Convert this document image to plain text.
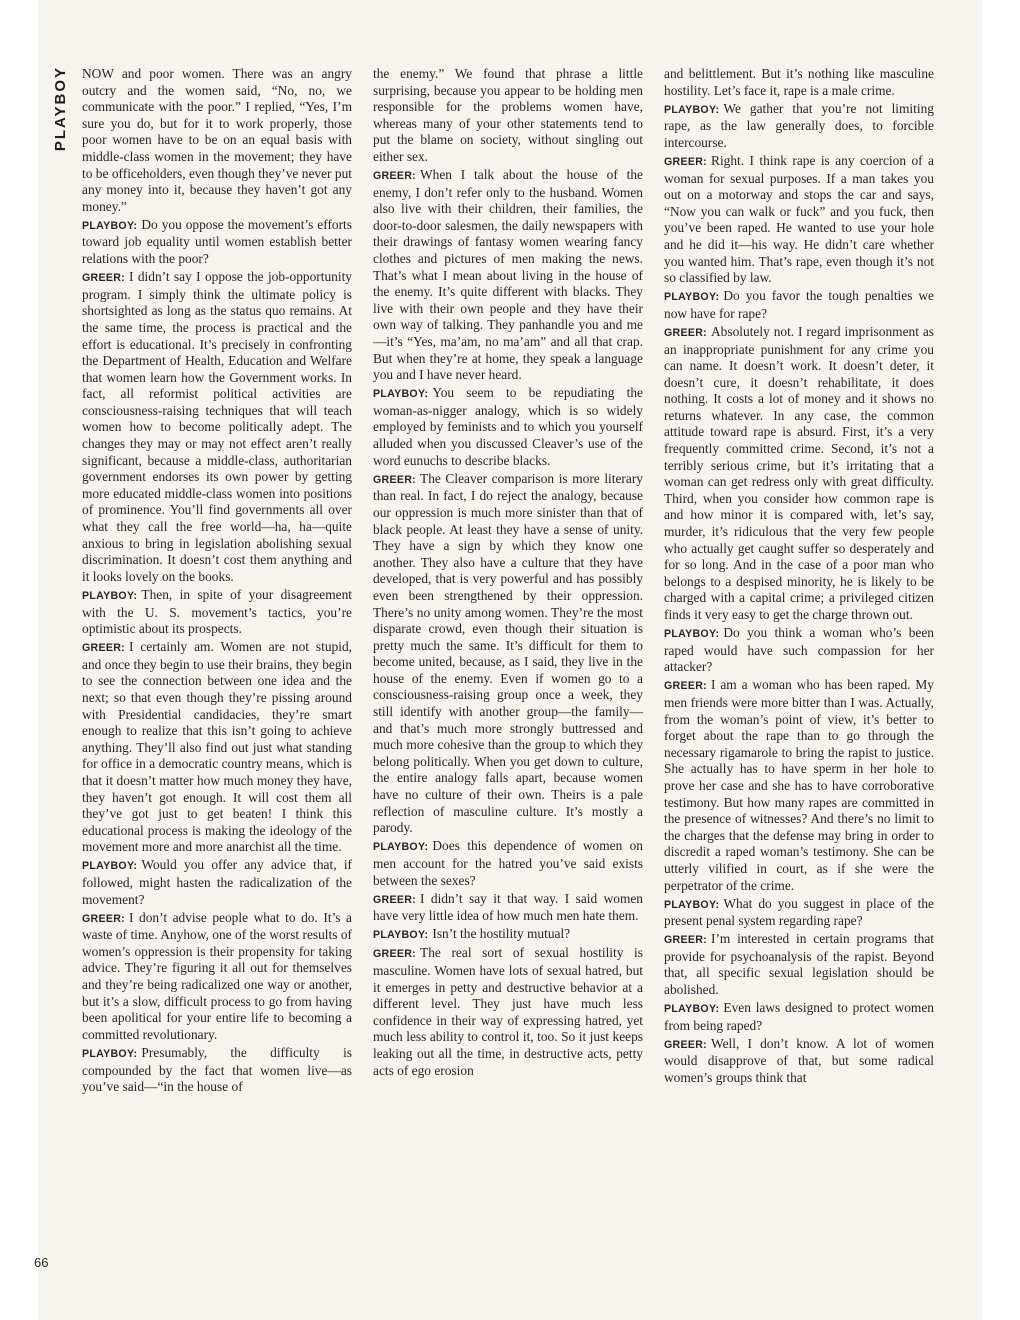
PLAYBOY
66

NOW and poor women. There was an angry outcry and the women said, “No, no, we communicate with the poor.” I replied, “Yes, I’m sure you do, but for it to work properly, those poor women have to be on an equal basis with middle-class women in the movement; they have to be officeholders, even though they’ve never put any money into it, because they haven’t got any money.”

PLAYBOY: Do you oppose the movement’s efforts toward job equality until women establish better relations with the poor?

GREER: I didn’t say I oppose the job-opportunity program. I simply think the ultimate policy is shortsighted as long as the status quo remains. At the same time, the process is practical and the effort is educational. It’s precisely in confronting the Department of Health, Education and Welfare that women learn how the Government works. In fact, all reformist political activities are consciousness-raising techniques that will teach women how to become politically adept. The changes they may or may not effect aren’t really significant, because a middle-class, authoritarian government endorses its own power by getting more educated middle-class women into positions of prominence. You’ll find governments all over what they call the free world—ha, ha—quite anxious to bring in legislation abolishing sexual discrimination. It doesn’t cost them anything and it looks lovely on the books.

PLAYBOY: Then, in spite of your disagreement with the U. S. movement’s tactics, you’re optimistic about its prospects.

GREER: I certainly am. Women are not stupid, and once they begin to use their brains, they begin to see the connection between one idea and the next; so that even though they’re pissing around with Presidential candidacies, they’re smart enough to realize that this isn’t going to achieve anything. They’ll also find out just what standing for office in a democratic country means, which is that it doesn’t matter how much money they have, they haven’t got enough. It will cost them all they’ve got just to get beaten! I think this educational process is making the ideology of the movement more and more anarchist all the time.

PLAYBOY: Would you offer any advice that, if followed, might hasten the radicalization of the movement?

GREER: I don’t advise people what to do. It’s a waste of time. Anyhow, one of the worst results of women’s oppression is their propensity for taking advice. They’re figuring it all out for themselves and they’re being radicalized one way or another, but it’s a slow, difficult process to go from having been apolitical for your entire life to becoming a committed revolutionary.

PLAYBOY: Presumably, the difficulty is compounded by the fact that women live—as you’ve said—“in the house of

the enemy.” We found that phrase a little surprising, because you appear to be holding men responsible for the problems women have, whereas many of your other statements tend to put the blame on society, without singling out either sex.

GREER: When I talk about the house of the enemy, I don’t refer only to the husband. Women also live with their children, their families, the door-to-door salesmen, the daily newspapers with their drawings of fantasy women wearing fancy clothes and pictures of men making the news. That’s what I mean about living in the house of the enemy. It’s quite different with blacks. They live with their own people and they have their own way of talking. They panhandle you and me—it’s “Yes, ma’am, no ma’am” and all that crap. But when they’re at home, they speak a language you and I have never heard.

PLAYBOY: You seem to be repudiating the woman-as-nigger analogy, which is so widely employed by feminists and to which you yourself alluded when you discussed Cleaver’s use of the word eunuchs to describe blacks.

GREER: The Cleaver comparison is more literary than real. In fact, I do reject the analogy, because our oppression is much more sinister than that of black people. At least they have a sense of unity. They have a sign by which they know one another. They also have a culture that they have developed, that is very powerful and has possibly even been strengthened by their oppression. There’s no unity among women. They’re the most disparate crowd, even though their situation is pretty much the same. It’s difficult for them to become united, because, as I said, they live in the house of the enemy. Even if women go to a consciousness-raising group once a week, they still identify with another group—the family—and that’s much more strongly buttressed and much more cohesive than the group to which they belong politically. When you get down to culture, the entire analogy falls apart, because women have no culture of their own. Theirs is a pale reflection of masculine culture. It’s mostly a parody.

PLAYBOY: Does this dependence of women on men account for the hatred you’ve said exists between the sexes?

GREER: I didn’t say it that way. I said women have very little idea of how much men hate them.

PLAYBOY: Isn’t the hostility mutual?

GREER: The real sort of sexual hostility is masculine. Women have lots of sexual hatred, but it emerges in petty and destructive behavior at a different level. They just have much less confidence in their way of expressing hatred, yet much less ability to control it, too. So it just keeps leaking out all the time, in destructive acts, petty acts of ego erosion

and belittlement. But it’s nothing like masculine hostility. Let’s face it, rape is a male crime.

PLAYBOY: We gather that you’re not limiting rape, as the law generally does, to forcible intercourse.

GREER: Right. I think rape is any coercion of a woman for sexual purposes. If a man takes you out on a motorway and stops the car and says, “Now you can walk or fuck” and you fuck, then you’ve been raped. He wanted to use your hole and he did it—his way. He didn’t care whether you wanted him. That’s rape, even though it’s not so classified by law.

PLAYBOY: Do you favor the tough penalties we now have for rape?

GREER: Absolutely not. I regard imprisonment as an inappropriate punishment for any crime you can name. It doesn’t work. It doesn’t deter, it doesn’t cure, it doesn’t rehabilitate, it does nothing. It costs a lot of money and it shows no returns whatever. In any case, the common attitude toward rape is absurd. First, it’s a very frequently committed crime. Second, it’s not a terribly serious crime, but it’s irritating that a woman can get redress only with great difficulty. Third, when you consider how common rape is and how minor it is compared with, let’s say, murder, it’s ridiculous that the very few people who actually get caught suffer so desperately and for so long. And in the case of a poor man who belongs to a despised minority, he is likely to be charged with a capital crime; a privileged citizen finds it very easy to get the charge thrown out.

PLAYBOY: Do you think a woman who’s been raped would have such compassion for her attacker?

GREER: I am a woman who has been raped. My men friends were more bitter than I was. Actually, from the woman’s point of view, it’s better to forget about the rape than to go through the necessary rigamarole to bring the rapist to justice. She actually has to have sperm in her hole to prove her case and she has to have corroborative testimony. But how many rapes are committed in the presence of witnesses? And there’s no limit to the charges that the defense may bring in order to discredit a raped woman’s testimony. She can be utterly vilified in court, as if she were the perpetrator of the crime.

PLAYBOY: What do you suggest in place of the present penal system regarding rape?

GREER: I’m interested in certain programs that provide for psychoanalysis of the rapist. Beyond that, all specific sexual legislation should be abolished.

PLAYBOY: Even laws designed to protect women from being raped?

GREER: Well, I don’t know. A lot of women would disapprove of that, but some radical women’s groups think that
